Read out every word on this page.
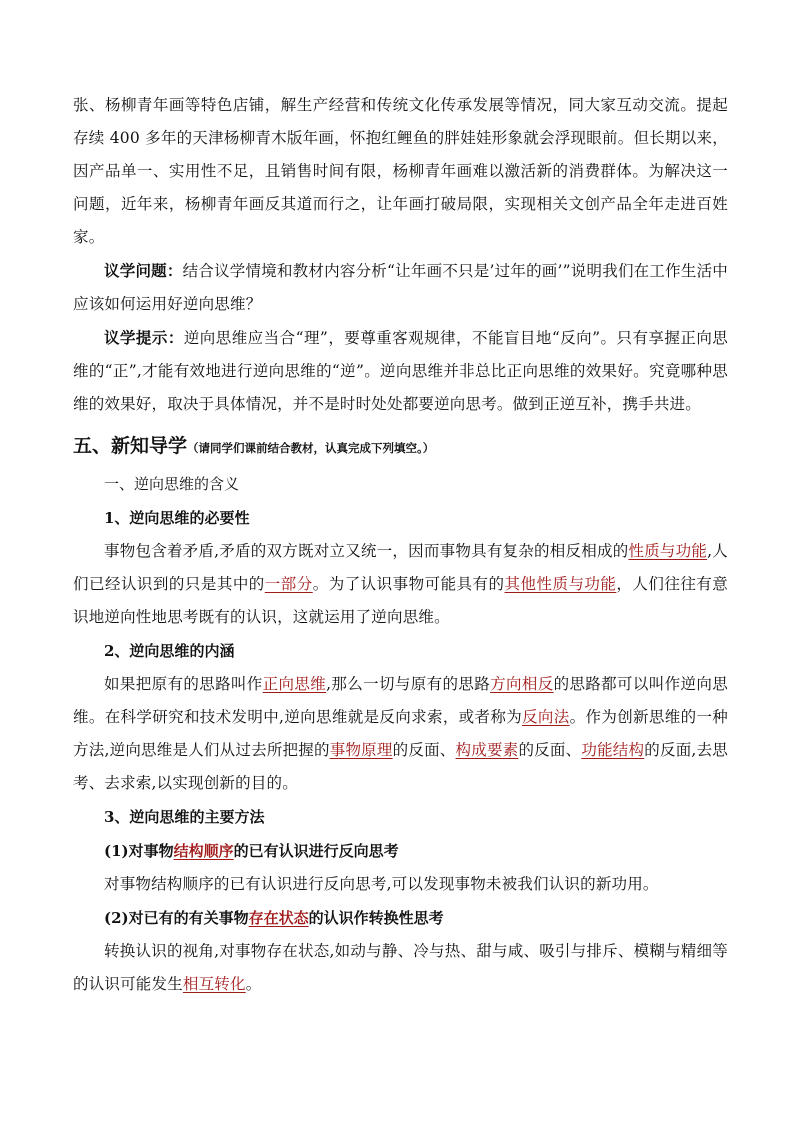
张、杨柳青年画等特色店铺，解生产经营和传统文化传承发展等情况，同大家互动交流。提起存续 400 多年的天津杨柳青木版年画，怀抱红鲤鱼的胖娃娃形象就会浮现眼前。但长期以来，因产品单一、实用性不足，且销售时间有限，杨柳青年画难以激活新的消费群体。为解决这一问题，近年来，杨柳青年画反其道而行之，让年画打破局限，实现相关文创产品全年走进百姓家。

议学问题：结合议学情境和教材内容分析“让年画不只是’过年的画’”说明我们在工作生活中应该如何运用好逆向思维？

议学提示：逆向思维应当合“理”，要尊重客观规律，不能盲目地“反向”。只有享握正向思维的“正”,才能有效地进行逆向思维的“逆”。逆向思维并非总比正向思维的效果好。究竟哪种思维的效果好，取决于具体情况，并不是时时处处都要逆向思考。做到正逆互补，携手共进。

五、新知导学（请同学们课前结合教材，认真完成下列填空。）
一、逆向思维的含义
1、逆向思维的必要性

事物包含着矛盾,矛盾的双方既对立又统一，因而事物具有复杂的相反相成的性质与功能,人们已经认识到的只是其中的一部分。为了认识事物可能具有的其他性质与功能，人们往往有意识地逆向性地思考既有的认识，这就运用了逆向思维。

2、逆向思维的内涵

如果把原有的思路叫作正向思维,那么一切与原有的思路方向相反的思路都可以叫作逆向思维。在科学研究和技术发明中,逆向思维就是反向求索，或者称为反向法。作为创新思维的一种方法,逆向思维是人们从过去所把握的事物原理的反面、构成要素的反面、功能结构的反面,去思考、去求索,以实现创新的目的。

3、逆向思维的主要方法
(1)对事物结构顺序的已有认识进行反向思考

对事物结构顺序的已有认识进行反向思考,可以发现事物未被我们认识的新功用。

(2)对已有的有关事物存在状态的认识作转换性思考

转换认识的视角,对事物存在状态,如动与静、冷与热、甜与咸、吸引与排斥、模糊与精细等的认识可能发生相互转化。
